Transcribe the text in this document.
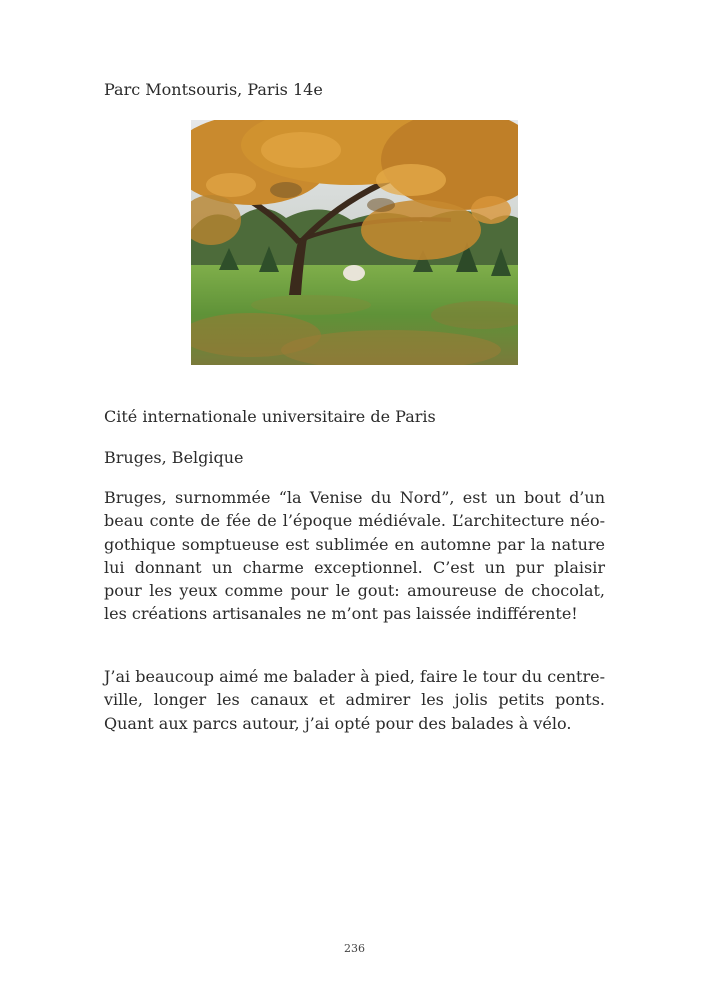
Parc Montsouris, Paris 14e

Cité internationale universitaire de Paris

Bruges, Belgique

Bruges, surnommée “la Venise du Nord”, est un bout d’un beau conte de fée de l’époque médiévale. L’architecture néo-gothique somptueuse est sublimée en automne par la nature lui donnant un charme exceptionnel. C’est un pur plaisir pour les yeux comme pour le gout: amoureuse de chocolat, les créations artisanales ne m’ont pas laissée indifférente!

J’ai beaucoup aimé me balader à pied, faire le tour du centre-ville, longer les canaux et admirer les jolis petits ponts. Quant aux parcs autour, j’ai opté pour des balades à vélo.

236
